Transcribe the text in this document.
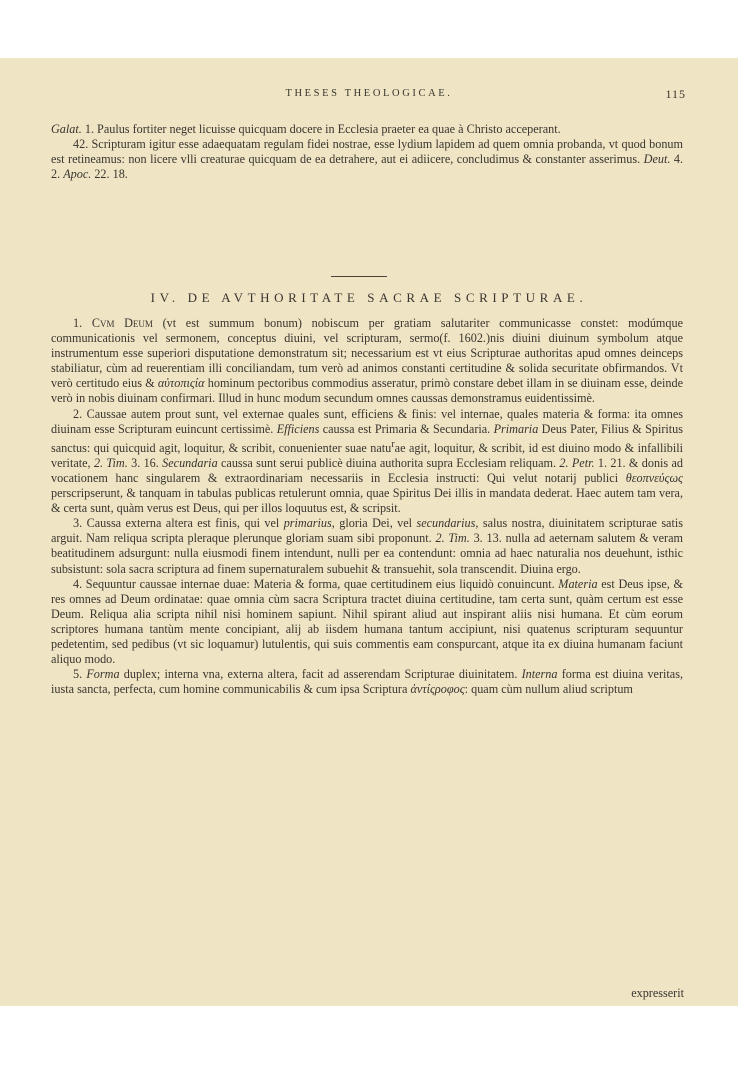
THESES THEOLOGICAE.	115

Galat. 1. Paulus fortiter neget licuisse quicquam docere in Ecclesia praeter ea quae à Christo acceperant.

42. Scripturam igitur esse adaequatam regulam fidei nostrae, esse lydium lapidem ad quem omnia probanda, vt quod bonum est retineamus: non licere vlli creaturae quicquam de ea detrahere, aut ei adiicere, concludimus & constanter asserimus. Deut. 4. 2. Apoc. 22. 18.

IV. DE AVTHORITATE SACRAE SCRIPTURAE.

1. Cvm Deum (vt est summum bonum) nobiscum per gratiam salutariter communicasse constet: modúmque communicationis vel sermonem, conceptus diuini, vel scripturam, sermo(f. 1602.)nis diuini diuinum symbolum atque instrumentum esse superiori disputatione demonstratum sit; necessarium est vt eius Scripturae authoritas apud omnes deinceps stabiliatur, cùm ad reuerentiam illi conciliandam, tum verò ad animos constanti certitudine & solida securitate obfirmandos. Vt verò certitudo eius & αὐτοπιςία hominum pectoribus commodius asseratur, primò constare debet illam in se diuinam esse, deinde verò in nobis diuinam confirmari. Illud in hunc modum secundum omnes caussas demonstramus euidentissimè.

2. Caussae autem prout sunt, vel externae quales sunt, efficiens & finis: vel internae, quales materia & forma: ita omnes diuinam esse Scripturam euincunt certissimè. Efficiens caussa est Primaria & Secundaria. Primaria Deus Pater, Filius & Spiritus sanctus: qui quicquid agit, loquitur, & scribit, conuenienter suae natu$^r$ae agit, loquitur, & scribit, id est diuino modo & infallibili veritate, 2. Tim. 3. 16. Secundaria caussa sunt serui publicè diuina authorita supra Ecclesiam reliquam. 2. Petr. 1. 21. & donis ad vocationem hanc singularem & extraordinariam necessariis in Ecclesia instructi: Qui velut notarij publici θεοπνεύςως perscripserunt, & tanquam in tabulas publicas retulerunt omnia, quae Spiritus Dei illis in mandata dederat. Haec autem tam vera, & certa sunt, quàm verus est Deus, qui per illos loquutus est, & scripsit.

3. Caussa externa altera est finis, qui vel primarius, gloria Dei, vel secundarius, salus nostra, diuinitatem scripturae satis arguit. Nam reliqua scripta pleraque plerunque gloriam suam sibi proponunt. 2. Tim. 3. 13. nulla ad aeternam salutem & veram beatitudinem adsurgunt: nulla eiusmodi finem intendunt, nulli per ea contendunt: omnia ad haec naturalia nos deuehunt, isthic subsistunt: sola sacra scriptura ad finem supernaturalem subuehit & transuehit, sola transcendit. Diuina ergo.

4. Sequuntur caussae internae duae: Materia & forma, quae certitudinem eius liquidò conuincunt. Materia est Deus ipse, & res omnes ad Deum ordinatae: quae omnia cùm sacra Scriptura tractet diuina certitudine, tam certa sunt, quàm certum est esse Deum. Reliqua alia scripta nihil nisi hominem sapiunt. Nihil spirant aliud aut inspirant aliis nisi humana. Et cùm eorum scriptores humana tantùm mente concipiant, alij ab iisdem humana tantum accipiunt, nisi quatenus scripturam sequuntur pedetentim, sed pedibus (vt sic loquamur) lutulentis, qui suis commentis eam conspurcant, atque ita ex diuina humanam faciunt aliquo modo.

5. Forma duplex; interna vna, externa altera, facit ad asserendam Scripturae diuinitatem. Interna forma est diuina veritas, iusta sancta, perfecta, cum homine communicabilis & cum ipsa Scriptura ἀντίςροφος: quam cùm nullum aliud scriptum

expresserit
